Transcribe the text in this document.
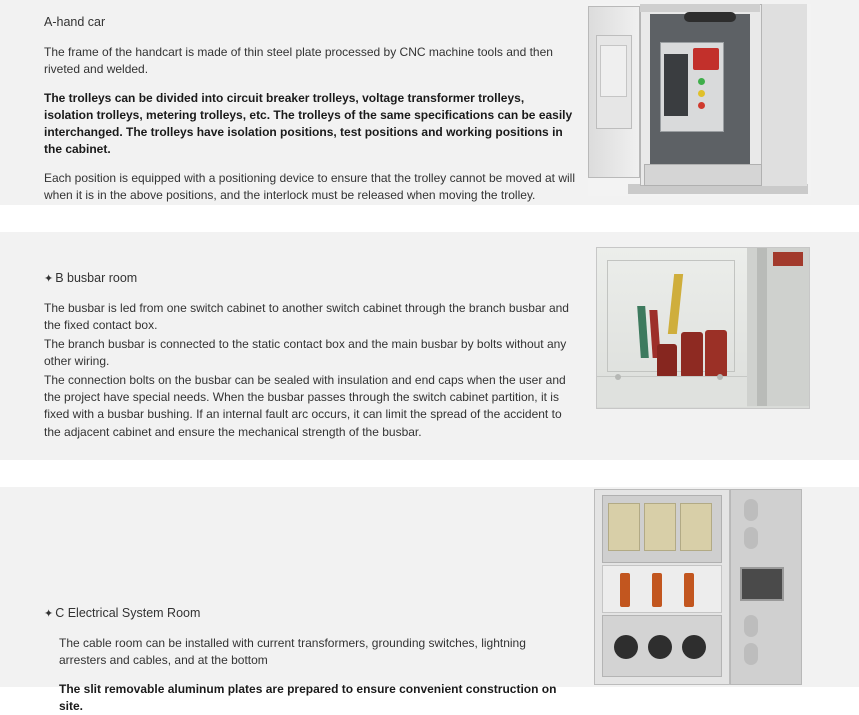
A-hand car

The frame of the handcart is made of thin steel plate processed by CNC machine tools and then riveted and welded.

The trolleys can be divided into circuit breaker trolleys, voltage transformer trolleys, isolation trolleys, metering trolleys, etc. The trolleys of the same specifications can be easily interchanged. The trolleys have isolation positions, test positions and working positions in the cabinet.

Each position is equipped with a positioning device to ensure that the trolley cannot be moved at will when it is in the above positions, and the interlock must be released when moving the trolley.

✦ B busbar room

The busbar is led from one switch cabinet to another switch cabinet through the branch busbar and the fixed contact box.

The branch busbar is connected to the static contact box and the main busbar by bolts without any other wiring.

The connection bolts on the busbar can be sealed with insulation and end caps when the user and the project have special needs. When the busbar passes through the switch cabinet partition, it is fixed with a busbar bushing. If an internal fault arc occurs, it can limit the spread of the accident to the adjacent cabinet and ensure the mechanical strength of the busbar.

✦ C Electrical System Room

The cable room can be installed with current transformers, grounding switches, lightning arresters and cables, and at the bottom

The slit removable aluminum plates are prepared to ensure convenient construction on site.
